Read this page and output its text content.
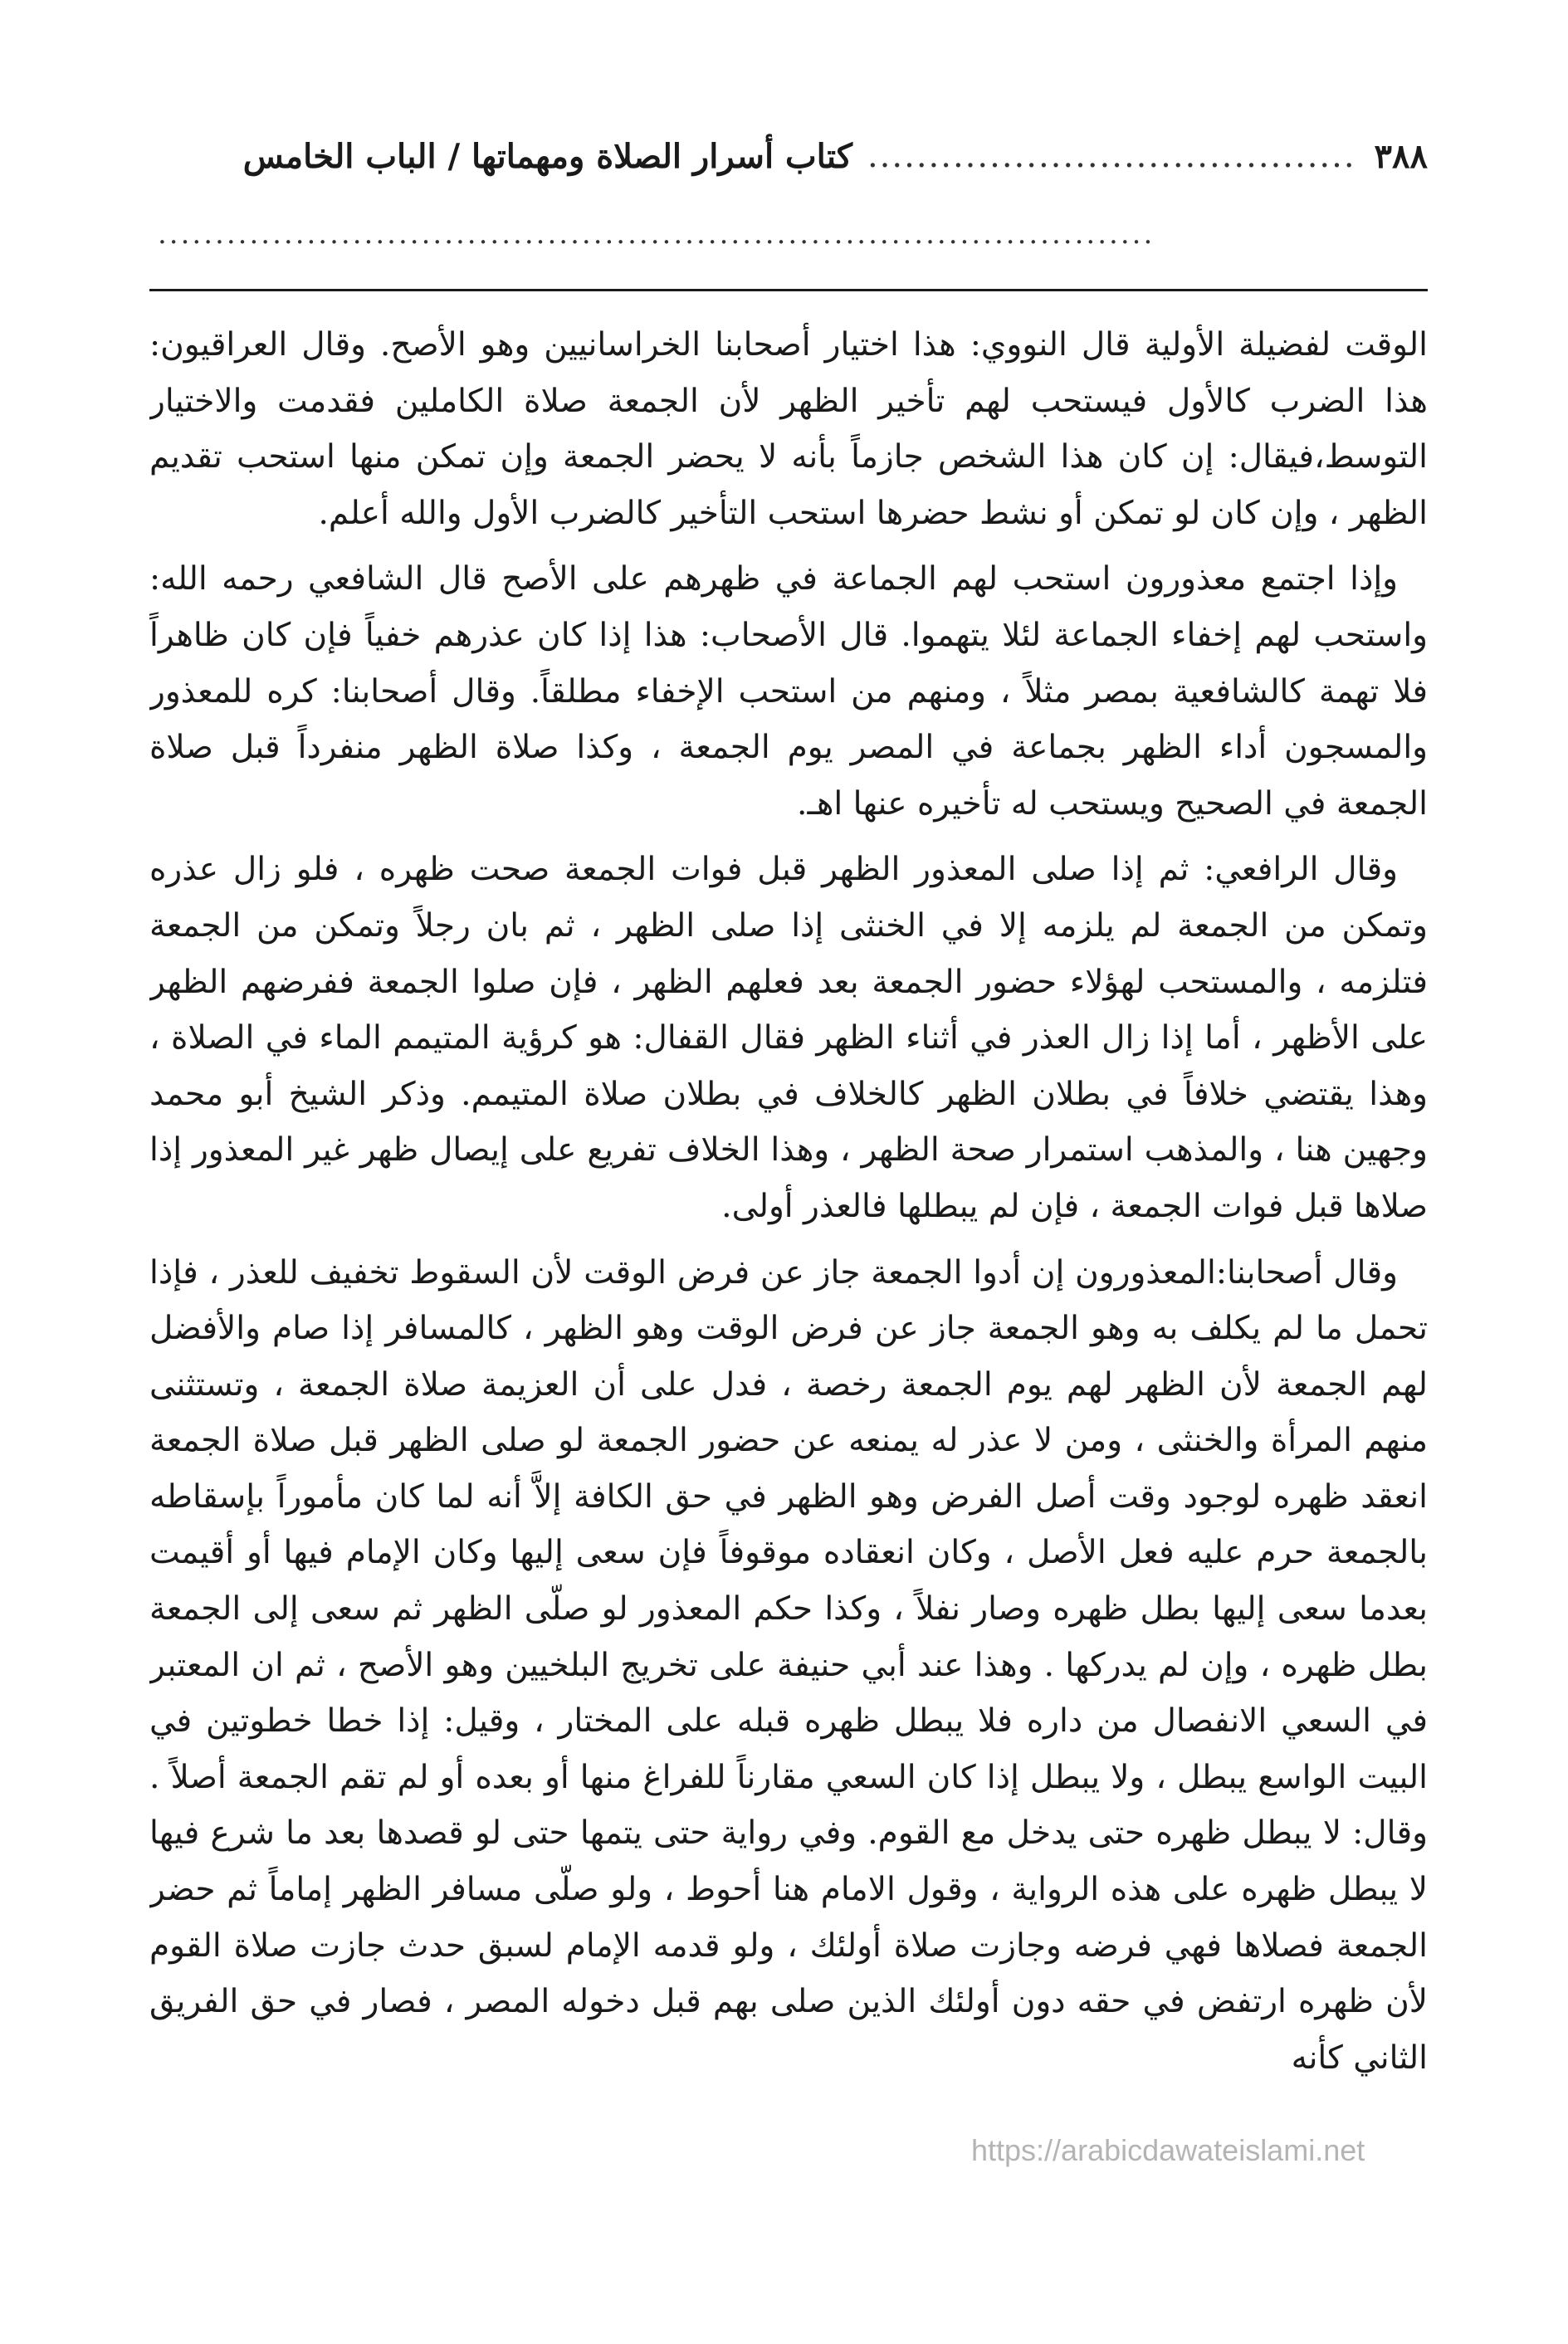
٣٨٨
........................................
كتاب أسرار الصلاة ومهماتها / الباب الخامس
.......................................................................................

الوقت لفضيلة الأولية قال النووي: هذا اختيار أصحابنا الخراسانيين وهو الأصح. وقال العراقيون: هذا الضرب كالأول فيستحب لهم تأخير الظهر لأن الجمعة صلاة الكاملين فقدمت والاختيار التوسط،فيقال: إن كان هذا الشخص جازماً بأنه لا يحضر الجمعة وإن تمكن منها استحب تقديم الظهر ، وإن كان لو تمكن أو نشط حضرها استحب التأخير كالضرب الأول والله أعلم.

وإذا اجتمع معذورون استحب لهم الجماعة في ظهرهم على الأصح قال الشافعي رحمه الله: واستحب لهم إخفاء الجماعة لئلا يتهموا. قال الأصحاب: هذا إذا كان عذرهم خفياً فإن كان ظاهراً فلا تهمة كالشافعية بمصر مثلاً ، ومنهم من استحب الإخفاء مطلقاً. وقال أصحابنا: كره للمعذور والمسجون أداء الظهر بجماعة في المصر يوم الجمعة ، وكذا صلاة الظهر منفرداً قبل صلاة الجمعة في الصحيح ويستحب له تأخيره عنها اهـ.

وقال الرافعي: ثم إذا صلى المعذور الظهر قبل فوات الجمعة صحت ظهره ، فلو زال عذره وتمكن من الجمعة لم يلزمه إلا في الخنثى إذا صلى الظهر ، ثم بان رجلاً وتمكن من الجمعة فتلزمه ، والمستحب لهؤلاء حضور الجمعة بعد فعلهم الظهر ، فإن صلوا الجمعة ففرضهم الظهر على الأظهر ، أما إذا زال العذر في أثناء الظهر فقال القفال: هو كرؤية المتيمم الماء في الصلاة ، وهذا يقتضي خلافاً في بطلان الظهر كالخلاف في بطلان صلاة المتيمم. وذكر الشيخ أبو محمد وجهين هنا ، والمذهب استمرار صحة الظهر ، وهذا الخلاف تفريع على إيصال ظهر غير المعذور إذا صلاها قبل فوات الجمعة ، فإن لم يبطلها فالعذر أولى.

وقال أصحابنا:المعذورون إن أدوا الجمعة جاز عن فرض الوقت لأن السقوط تخفيف للعذر ، فإذا تحمل ما لم يكلف به وهو الجمعة جاز عن فرض الوقت وهو الظهر ، كالمسافر إذا صام والأفضل لهم الجمعة لأن الظهر لهم يوم الجمعة رخصة ، فدل على أن العزيمة صلاة الجمعة ، وتستثنى منهم المرأة والخنثى ، ومن لا عذر له يمنعه عن حضور الجمعة لو صلى الظهر قبل صلاة الجمعة انعقد ظهره لوجود وقت أصل الفرض وهو الظهر في حق الكافة إلاَّ أنه لما كان مأموراً بإسقاطه بالجمعة حرم عليه فعل الأصل ، وكان انعقاده موقوفاً فإن سعى إليها وكان الإمام فيها أو أقيمت بعدما سعى إليها بطل ظهره وصار نفلاً ، وكذا حكم المعذور لو صلّى الظهر ثم سعى إلى الجمعة بطل ظهره ، وإن لم يدركها . وهذا عند أبي حنيفة على تخريج البلخيين وهو الأصح ، ثم ان المعتبر في السعي الانفصال من داره فلا يبطل ظهره قبله على المختار ، وقيل: إذا خطا خطوتين في البيت الواسع يبطل ، ولا يبطل إذا كان السعي مقارناً للفراغ منها أو بعده أو لم تقم الجمعة أصلاً . وقال: لا يبطل ظهره حتى يدخل مع القوم. وفي رواية حتى يتمها حتى لو قصدها بعد ما شرع فيها لا يبطل ظهره على هذه الرواية ، وقول الامام هنا أحوط ، ولو صلّى مسافر الظهر إماماً ثم حضر الجمعة فصلاها فهي فرضه وجازت صلاة أولئك ، ولو قدمه الإمام لسبق حدث جازت صلاة القوم لأن ظهره ارتفض في حقه دون أولئك الذين صلى بهم قبل دخوله المصر ، فصار في حق الفريق الثاني كأنه

https://arabicdawateislami.net
